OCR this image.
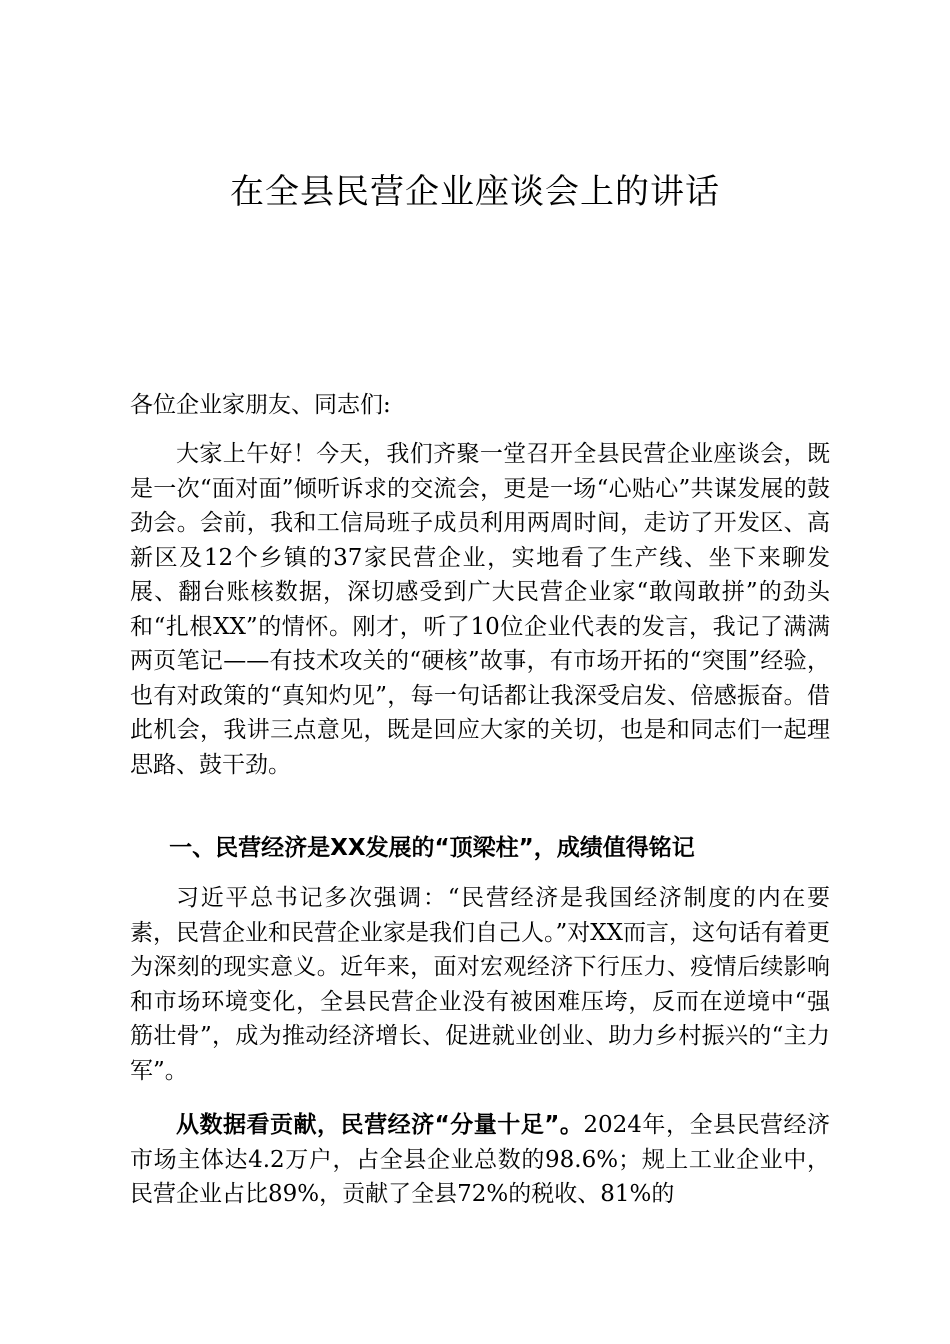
在全县民营企业座谈会上的讲话

各位企业家朋友、同志们:

大家上午好！今天，我们齐聚一堂召开全县民营企业座谈会，既是一次“面对面”倾听诉求的交流会，更是一场“心贴心”共谋发展的鼓劲会。会前，我和工信局班子成员利用两周时间，走访了开发区、高新区及12个乡镇的37家民营企业，实地看了生产线、坐下来聊发展、翻台账核数据，深切感受到广大民营企业家“敢闯敢拼”的劲头和“扎根XX”的情怀。刚才，听了10位企业代表的发言，我记了满满两页笔记——有技术攻关的“硬核”故事，有市场开拓的“突围”经验，也有对政策的“真知灼见”，每一句话都让我深受启发、倍感振奋。借此机会，我讲三点意见，既是回应大家的关切，也是和同志们一起理思路、鼓干劲。

一、民营经济是XX发展的“顶梁柱”，成绩值得铭记

习近平总书记多次强调：“民营经济是我国经济制度的内在要素，民营企业和民营企业家是我们自己人。”对XX而言，这句话有着更为深刻的现实意义。近年来，面对宏观经济下行压力、疫情后续影响和市场环境变化，全县民营企业没有被困难压垮，反而在逆境中“强筋壮骨”，成为推动经济增长、促进就业创业、助力乡村振兴的“主力军”。

从数据看贡献，民营经济“分量十足”。2024年，全县民营经济市场主体达4.2万户，占全县企业总数的98.6%；规上工业企业中，民营企业占比89%，贡献了全县72%的税收、81%的
